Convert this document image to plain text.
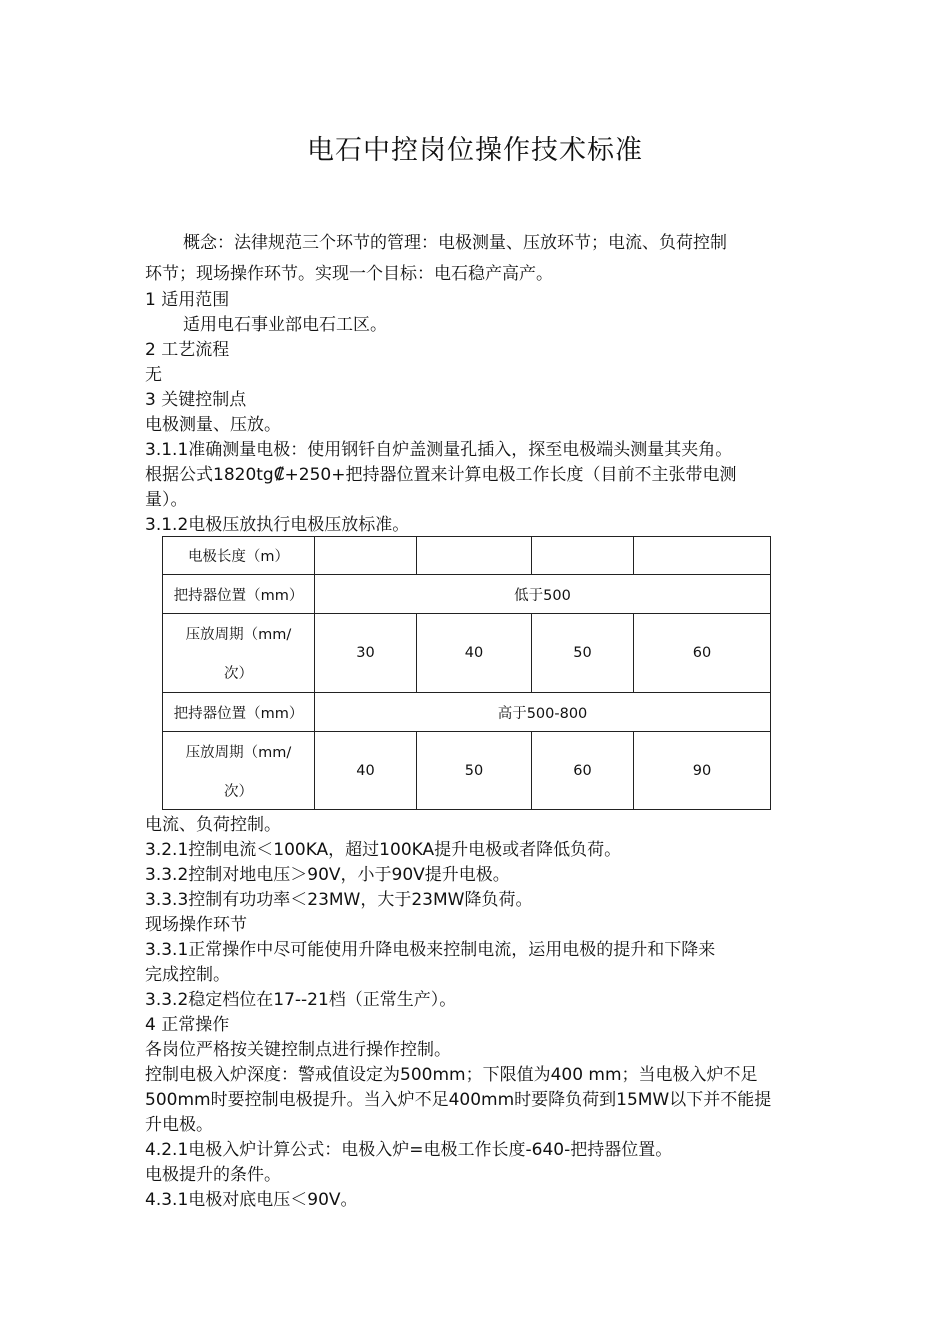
电石中控岗位操作技术标准
概念：法律规范三个环节的管理：电极测量、压放环节；电流、负荷控制
环节；现场操作环节。实现一个目标：电石稳产高产。
1 适用范围
适用电石事业部电石工区。
2 工艺流程
无
3 关键控制点
电极测量、压放。
3.1.1准确测量电极：使用钢钎自炉盖测量孔插入，探至电极端头测量其夹角。
根据公式1820tg₡+250+把持器位置来计算电极工作长度（目前不主张带电测
量）。
3.1.2电极压放执行电极压放标准。
电极长度（m）				
把持器位置（mm）	低于500			

压放周期（mm/
次）	30	40	50	60
把持器位置（mm）	高于500-800			

压放周期（mm/
次）	40	50	60	90
电流、负荷控制。
3.2.1控制电流＜100KA，超过100KA提升电极或者降低负荷。
3.3.2控制对地电压＞90V，小于90V提升电极。
3.3.3控制有功功率＜23MW，大于23MW降负荷。
现场操作环节
3.3.1正常操作中尽可能使用升降电极来控制电流，运用电极的提升和下降来
完成控制。
3.3.2稳定档位在17--21档（正常生产）。
4 正常操作
各岗位严格按关键控制点进行操作控制。
控制电极入炉深度：警戒值设定为500mm；下限值为400 mm；当电极入炉不足
500mm时要控制电极提升。当入炉不足400mm时要降负荷到15MW以下并不能提
升电极。
4.2.1电极入炉计算公式：电极入炉=电极工作长度-640-把持器位置。
电极提升的条件。
4.3.1电极对底电压＜90V。
